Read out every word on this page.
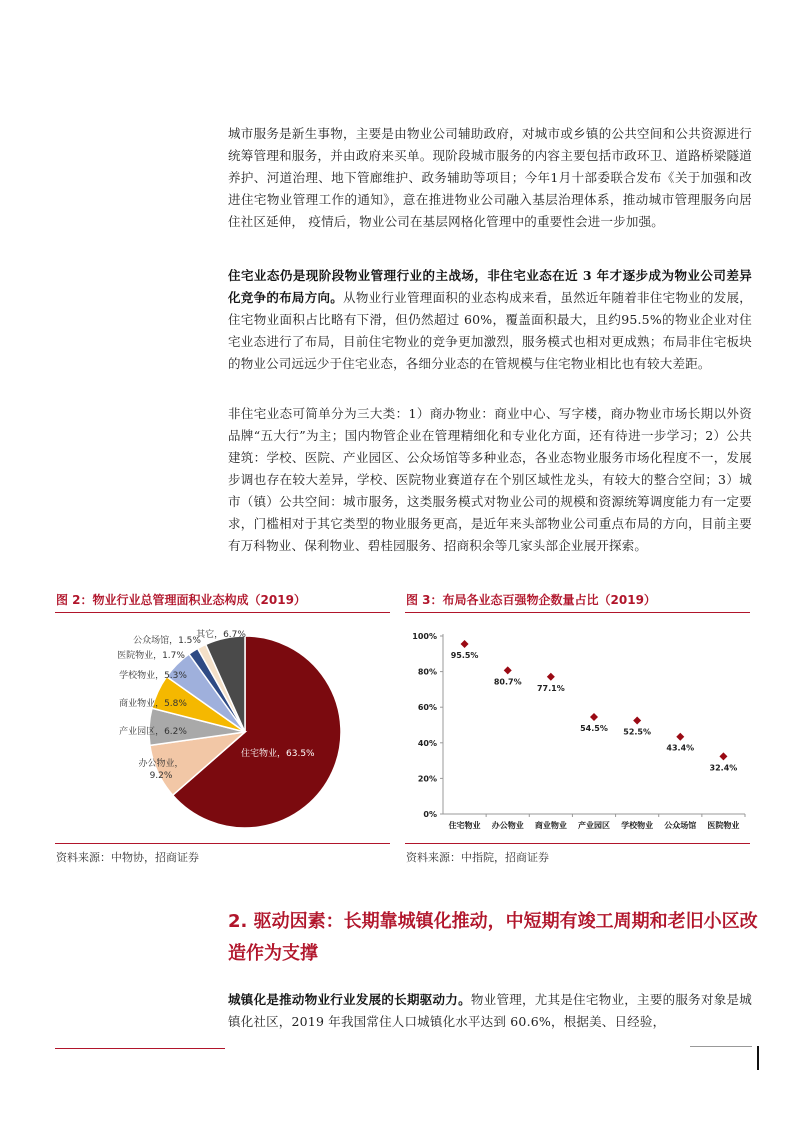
城市服务是新生事物，主要是由物业公司辅助政府，对城市或乡镇的公共空间和公共资源进行统筹管理和服务，并由政府来买单。现阶段城市服务的内容主要包括市政环卫、道路桥梁隧道养护、河道治理、地下管廊维护、政务辅助等项目；今年1月十部委联合发布《关于加强和改进住宅物业管理工作的通知》，意在推进物业公司融入基层治理体系，推动城市管理服务向居住社区延伸， 疫情后，物业公司在基层网格化管理中的重要性会进一步加强。

住宅业态仍是现阶段物业管理行业的主战场，非住宅业态在近 3 年才逐步成为物业公司差异化竞争的布局方向。从物业行业管理面积的业态构成来看，虽然近年随着非住宅物业的发展，住宅物业面积占比略有下滑，但仍然超过 60%，覆盖面积最大，且约95.5%的物业企业对住宅业态进行了布局，目前住宅物业的竞争更加激烈，服务模式也相对更成熟；布局非住宅板块的物业公司远远少于住宅业态，各细分业态的在管规模与住宅物业相比也有较大差距。

非住宅业态可简单分为三大类：1）商办物业：商业中心、写字楼，商办物业市场长期以外资品牌“五大行”为主；国内物管企业在管理精细化和专业化方面，还有待进一步学习；2）公共建筑：学校、医院、产业园区、公众场馆等多种业态，各业态物业服务市场化程度不一，发展步调也存在较大差异，学校、医院物业赛道存在个别区域性龙头，有较大的整合空间；3）城市（镇）公共空间：城市服务，这类服务模式对物业公司的规模和资源统筹调度能力有一定要求，门槛相对于其它类型的物业服务更高，是近年来头部物业公司重点布局的方向，目前主要有万科物业、保利物业、碧桂园服务、招商积余等几家头部企业展开探索。

图 2：物业行业总管理面积业态构成（2019）
住宅物业，63.5%
办公物业，
9.2%
产业园区，6.2%
商业物业，5.8%
学校物业，5.3%
医院物业，1.7%
公众场馆，1.5%
其它，6.7%
资料来源：中物协，招商证券
图 3：布局各业态百强物企数量占比（2019）
0%
20%
40%
60%
80%
100%
住宅物业
95.5%
办公物业
80.7%
商业物业
77.1%
产业园区
54.5%
学校物业
52.5%
公众场馆
43.4%
医院物业
32.4%
资料来源：中指院，招商证券
2. 驱动因素：长期靠城镇化推动，中短期有竣工周期和老旧小区改造作为支撑

城镇化是推动物业行业发展的长期驱动力。物业管理，尤其是住宅物业，主要的服务对象是城镇化社区，2019 年我国常住人口城镇化水平达到 60.6%，根据美、日经验，
